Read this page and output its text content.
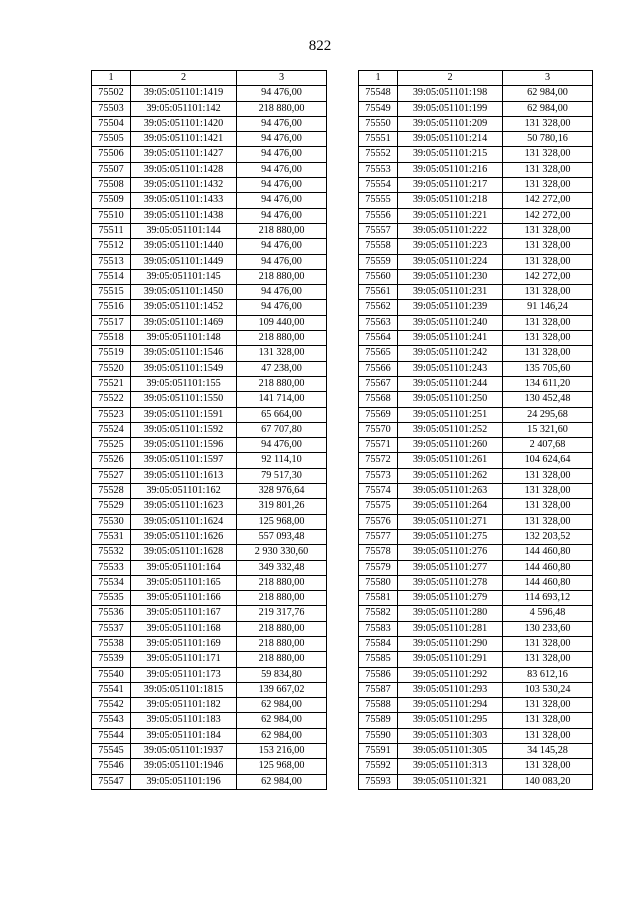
822
1	2	3
75502	39:05:051101:1419	94 476,00
75503	39:05:051101:142	218 880,00
75504	39:05:051101:1420	94 476,00
75505	39:05:051101:1421	94 476,00
75506	39:05:051101:1427	94 476,00
75507	39:05:051101:1428	94 476,00
75508	39:05:051101:1432	94 476,00
75509	39:05:051101:1433	94 476,00
75510	39:05:051101:1438	94 476,00
75511	39:05:051101:144	218 880,00
75512	39:05:051101:1440	94 476,00
75513	39:05:051101:1449	94 476,00
75514	39:05:051101:145	218 880,00
75515	39:05:051101:1450	94 476,00
75516	39:05:051101:1452	94 476,00
75517	39:05:051101:1469	109 440,00
75518	39:05:051101:148	218 880,00
75519	39:05:051101:1546	131 328,00
75520	39:05:051101:1549	47 238,00
75521	39:05:051101:155	218 880,00
75522	39:05:051101:1550	141 714,00
75523	39:05:051101:1591	65 664,00
75524	39:05:051101:1592	67 707,80
75525	39:05:051101:1596	94 476,00
75526	39:05:051101:1597	92 114,10
75527	39:05:051101:1613	79 517,30
75528	39:05:051101:162	328 976,64
75529	39:05:051101:1623	319 801,26
75530	39:05:051101:1624	125 968,00
75531	39:05:051101:1626	557 093,48
75532	39:05:051101:1628	2 930 330,60
75533	39:05:051101:164	349 332,48
75534	39:05:051101:165	218 880,00
75535	39:05:051101:166	218 880,00
75536	39:05:051101:167	219 317,76
75537	39:05:051101:168	218 880,00
75538	39:05:051101:169	218 880,00
75539	39:05:051101:171	218 880,00
75540	39:05:051101:173	59 834,80
75541	39:05:051101:1815	139 667,02
75542	39:05:051101:182	62 984,00
75543	39:05:051101:183	62 984,00
75544	39:05:051101:184	62 984,00
75545	39:05:051101:1937	153 216,00
75546	39:05:051101:1946	125 968,00
75547	39:05:051101:196	62 984,00
1	2	3
75548	39:05:051101:198	62 984,00
75549	39:05:051101:199	62 984,00
75550	39:05:051101:209	131 328,00
75551	39:05:051101:214	50 780,16
75552	39:05:051101:215	131 328,00
75553	39:05:051101:216	131 328,00
75554	39:05:051101:217	131 328,00
75555	39:05:051101:218	142 272,00
75556	39:05:051101:221	142 272,00
75557	39:05:051101:222	131 328,00
75558	39:05:051101:223	131 328,00
75559	39:05:051101:224	131 328,00
75560	39:05:051101:230	142 272,00
75561	39:05:051101:231	131 328,00
75562	39:05:051101:239	91 146,24
75563	39:05:051101:240	131 328,00
75564	39:05:051101:241	131 328,00
75565	39:05:051101:242	131 328,00
75566	39:05:051101:243	135 705,60
75567	39:05:051101:244	134 611,20
75568	39:05:051101:250	130 452,48
75569	39:05:051101:251	24 295,68
75570	39:05:051101:252	15 321,60
75571	39:05:051101:260	2 407,68
75572	39:05:051101:261	104 624,64
75573	39:05:051101:262	131 328,00
75574	39:05:051101:263	131 328,00
75575	39:05:051101:264	131 328,00
75576	39:05:051101:271	131 328,00
75577	39:05:051101:275	132 203,52
75578	39:05:051101:276	144 460,80
75579	39:05:051101:277	144 460,80
75580	39:05:051101:278	144 460,80
75581	39:05:051101:279	114 693,12
75582	39:05:051101:280	4 596,48
75583	39:05:051101:281	130 233,60
75584	39:05:051101:290	131 328,00
75585	39:05:051101:291	131 328,00
75586	39:05:051101:292	83 612,16
75587	39:05:051101:293	103 530,24
75588	39:05:051101:294	131 328,00
75589	39:05:051101:295	131 328,00
75590	39:05:051101:303	131 328,00
75591	39:05:051101:305	34 145,28
75592	39:05:051101:313	131 328,00
75593	39:05:051101:321	140 083,20
